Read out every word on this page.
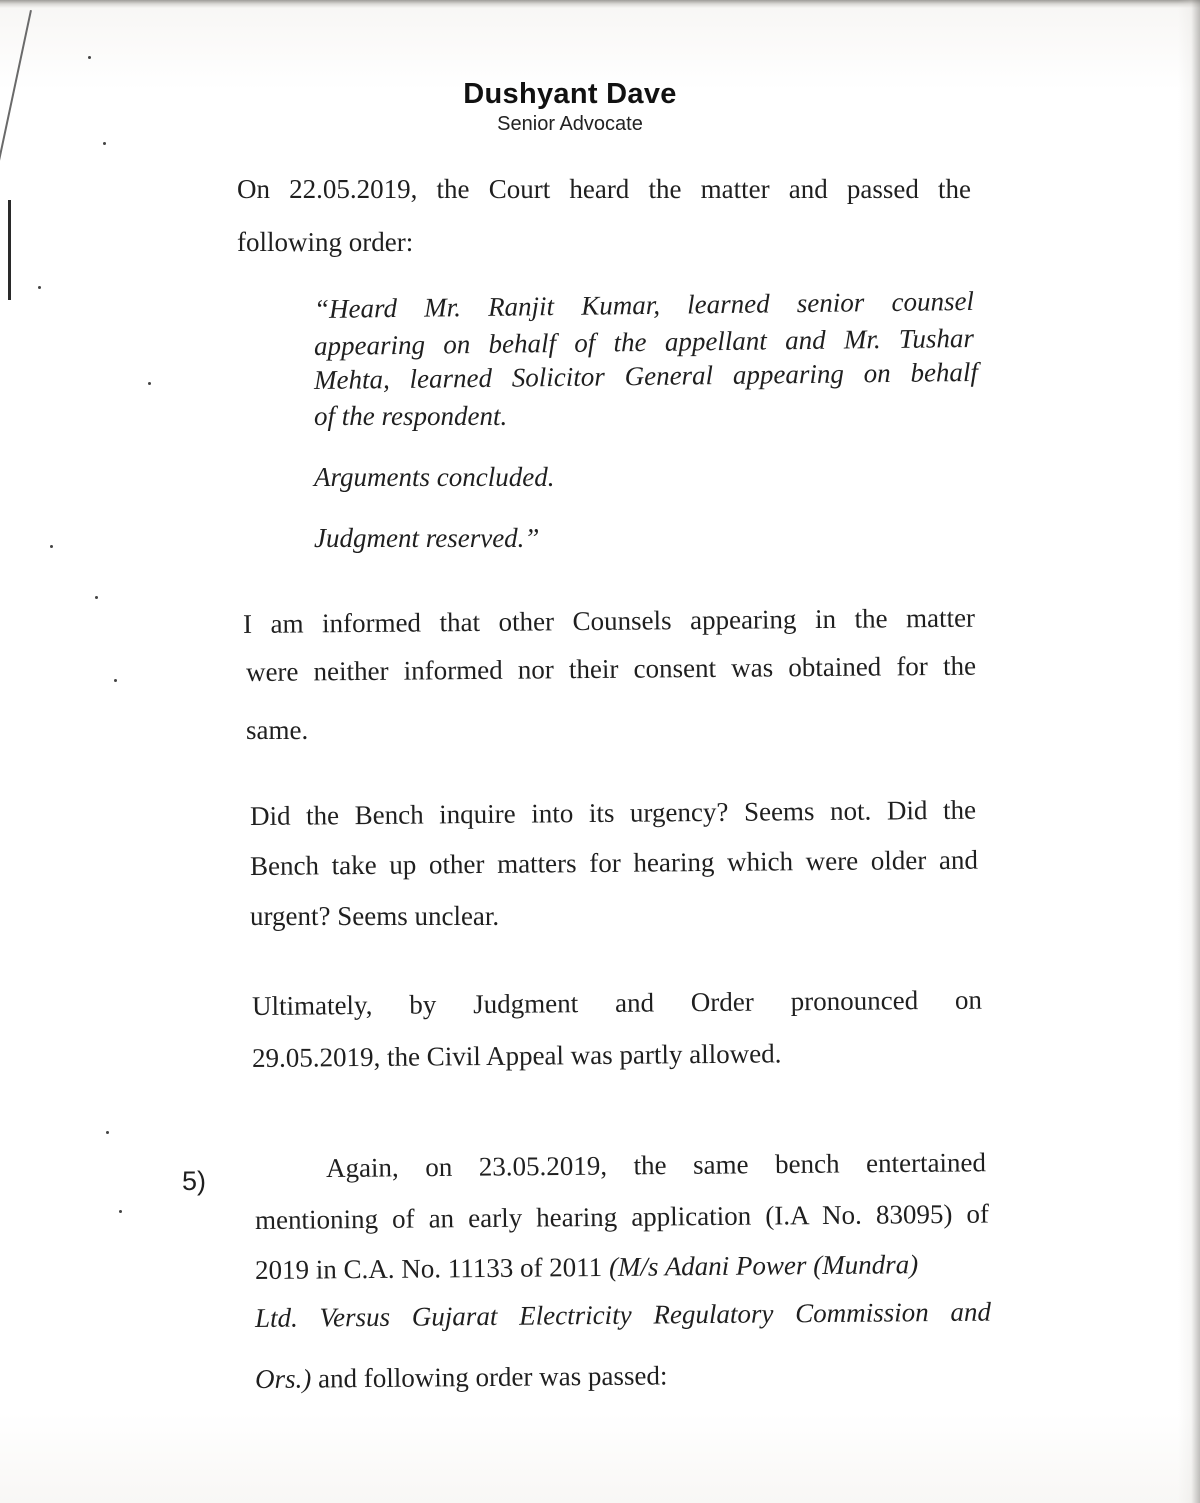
Dushyant Dave
Senior Advocate
On 22.05.2019, the Court heard the matter and passed the
following order:
“Heard Mr. Ranjit Kumar, learned senior counsel
appearing on behalf of the appellant and Mr. Tushar
Mehta, learned Solicitor General appearing on behalf
of the respondent.
Arguments concluded.
Judgment reserved.”
I am informed that other Counsels appearing in the matter
were neither informed nor their consent was obtained for the
same.
Did the Bench inquire into its urgency? Seems not. Did the
Bench take up other matters for hearing which were older and
urgent? Seems unclear.
Ultimately, by Judgment and Order pronounced on
29.05.2019, the Civil Appeal was partly allowed.
5)	Again, on 23.05.2019, the same bench entertained
mentioning of an early hearing application (I.A No. 83095) of
2019 in C.A. No. 11133 of 2011 (M/s Adani Power (Mundra)
Ltd. Versus Gujarat Electricity Regulatory Commission and
Ors.) and following order was passed:
